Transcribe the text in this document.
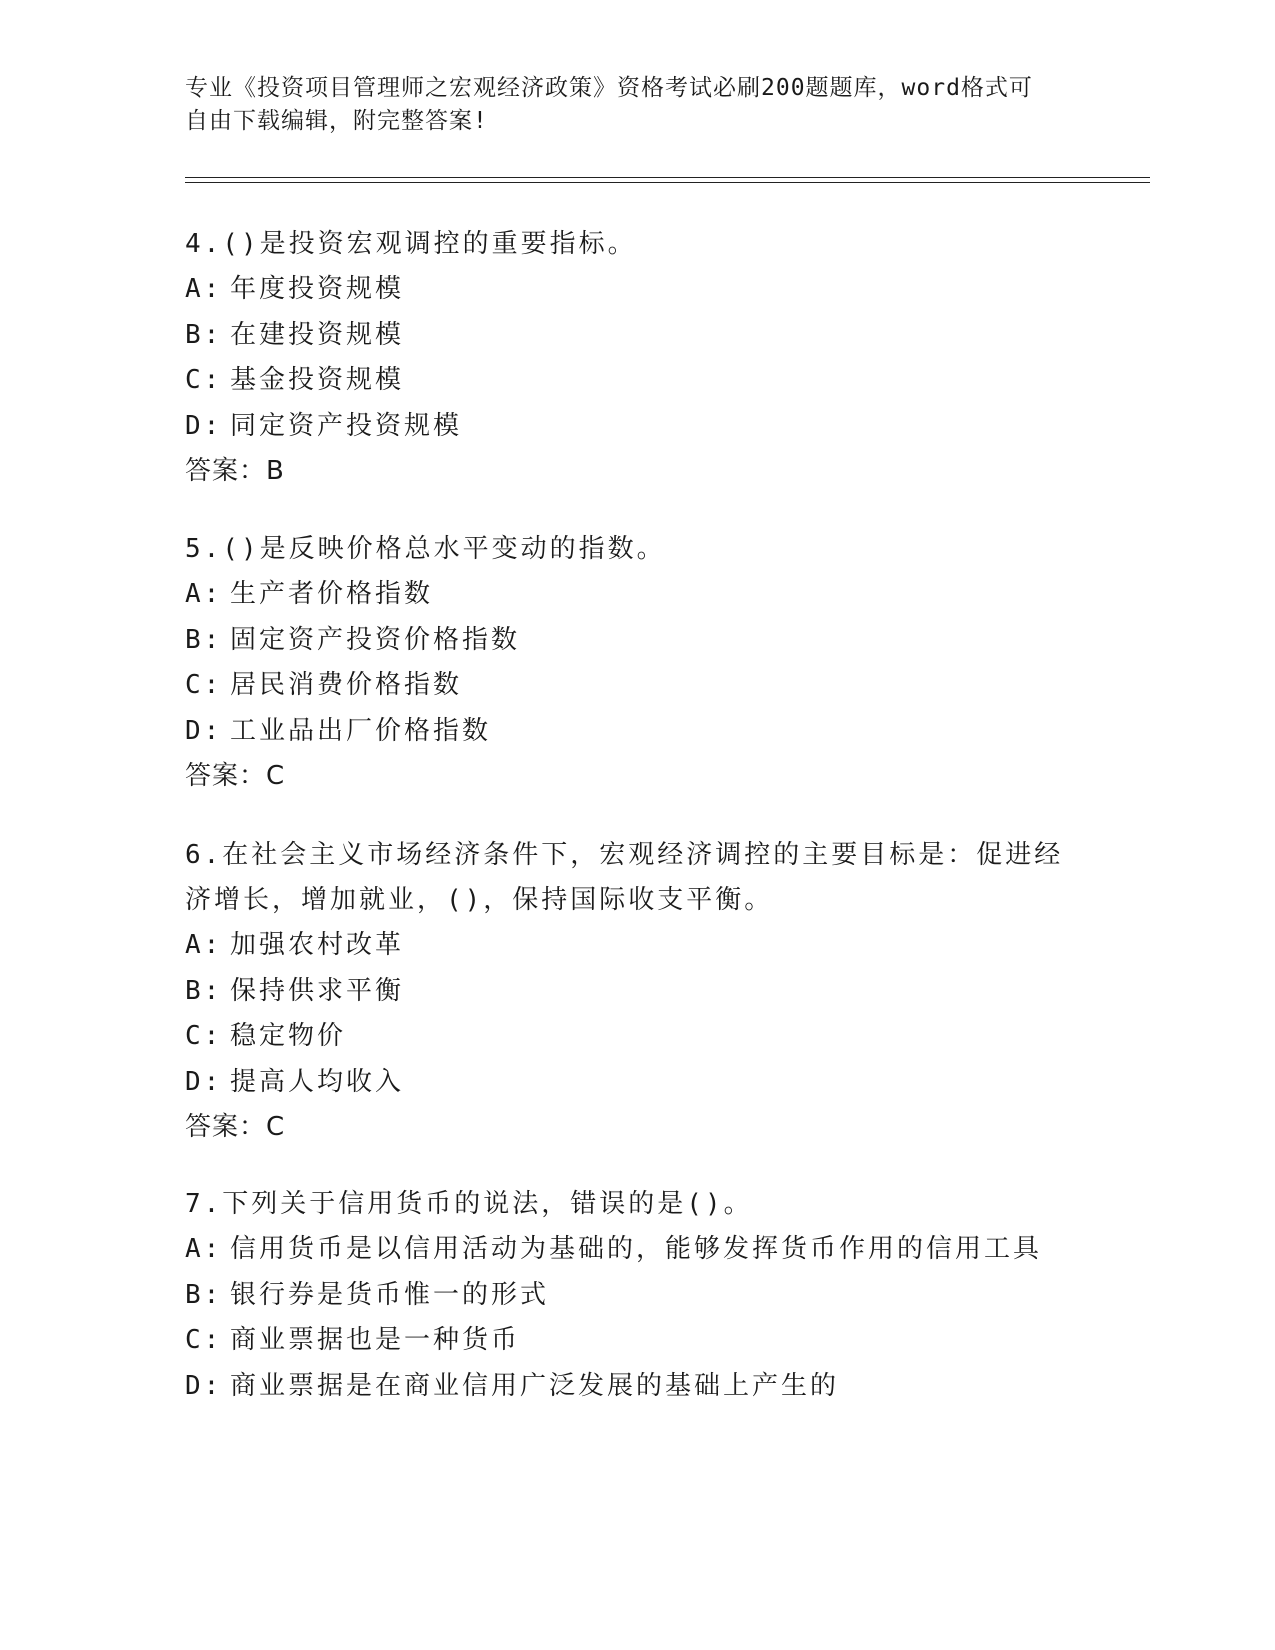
专业《投资项目管理师之宏观经济政策》资格考试必刷200题题库，word格式可
自由下载编辑，附完整答案!

4.()是投资宏观调控的重要指标。

A: 年度投资规模

B: 在建投资规模

C: 基金投资规模

D: 同定资产投资规模

答案：B

5.()是反映价格总水平变动的指数。

A: 生产者价格指数

B: 固定资产投资价格指数

C: 居民消费价格指数

D: 工业品出厂价格指数

答案：C

6.在社会主义市场经济条件下，宏观经济调控的主要目标是：促进经

济增长，增加就业，()，保持国际收支平衡。

A: 加强农村改革

B: 保持供求平衡

C: 稳定物价

D: 提高人均收入

答案：C

7.下列关于信用货币的说法，错误的是()。

A: 信用货币是以信用活动为基础的，能够发挥货币作用的信用工具

B: 银行券是货币惟一的形式

C: 商业票据也是一种货币

D: 商业票据是在商业信用广泛发展的基础上产生的
